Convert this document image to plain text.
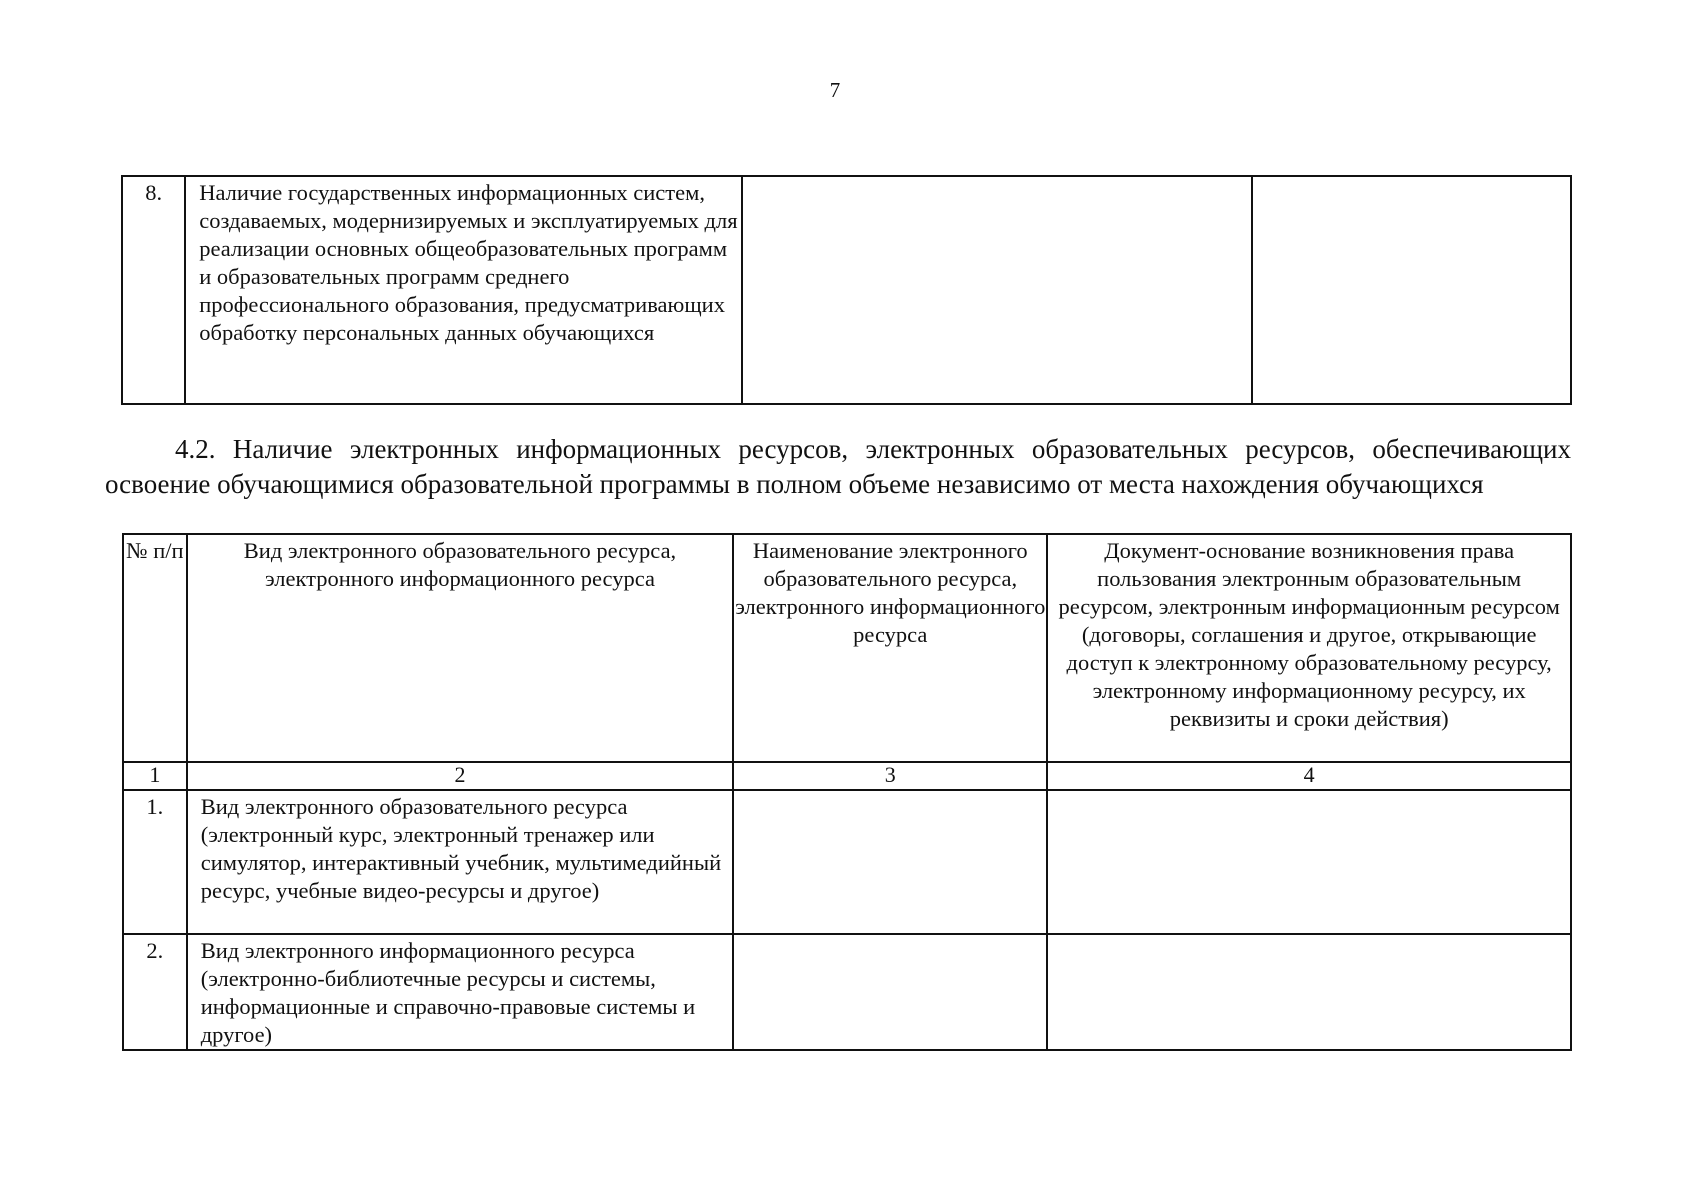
7
8.	Наличие государственных информационных систем, создаваемых, модернизируемых и эксплуатируемых для реализации основных общеобразовательных программ и образовательных программ среднего профессионального образования, предусматривающих обработку персональных данных обучающихся		

4.2. Наличие электронных информационных ресурсов, электронных образовательных ресурсов, обеспечивающих
освоение обучающимися образовательной программы в полном объеме независимо от места нахождения обучающихся

№ п/п	Вид электронного образовательного ресурса, электронного информационного ресурса	Наименование электронного образовательного ресурса, электронного информационного ресурса	Документ-основание возникновения права пользования электронным образовательным ресурсом, электронным информационным ресурсом (договоры, соглашения и другое, открывающие доступ к электронному образовательному ресурсу, электронному информационному ресурсу, их реквизиты и сроки действия)
1	2	3	4
1.	Вид электронного образовательного ресурса (электронный курс, электронный тренажер или симулятор, интерактивный учебник, мультимедийный ресурс, учебные видео-ресурсы и другое)		
2.	Вид электронного информационного ресурса (электронно-библиотечные ресурсы и системы, информационные и справочно-правовые системы и другое)		
